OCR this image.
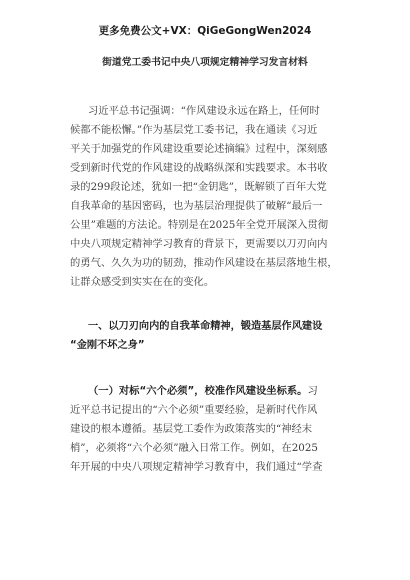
更多免费公文+VX：QiGeGongWen2024
街道党工委书记中央八项规定精神学习发言材料
习近平总书记强调：“作风建设永远在路上，任何时
候都不能松懈。”作为基层党工委书记，我在通读《习近
平关于加强党的作风建设重要论述摘编》过程中，深刻感
受到新时代党的作风建设的战略纵深和实践要求。本书收
录的299段论述，犹如一把“金钥匙”，既解锁了百年大党
自我革命的基因密码，也为基层治理提供了破解“最后一
公里”难题的方法论。特别是在2025年全党开展深入贯彻
中央八项规定精神学习教育的背景下，更需要以刀刃向内
的勇气、久久为功的韧劲，推动作风建设在基层落地生根，
让群众感受到实实在在的变化。
一、以刀刃向内的自我革命精神，锻造基层作风建设
“金刚不坏之身”
（一）对标“六个必须”，校准作风建设坐标系。习
近平总书记提出的“六个必须”重要经验，是新时代作风
建设的根本遵循。基层党工委作为政策落实的“神经末
梢”，必须将“六个必须”融入日常工作。例如，在2025
年开展的中央八项规定精神学习教育中，我们通过“学查
